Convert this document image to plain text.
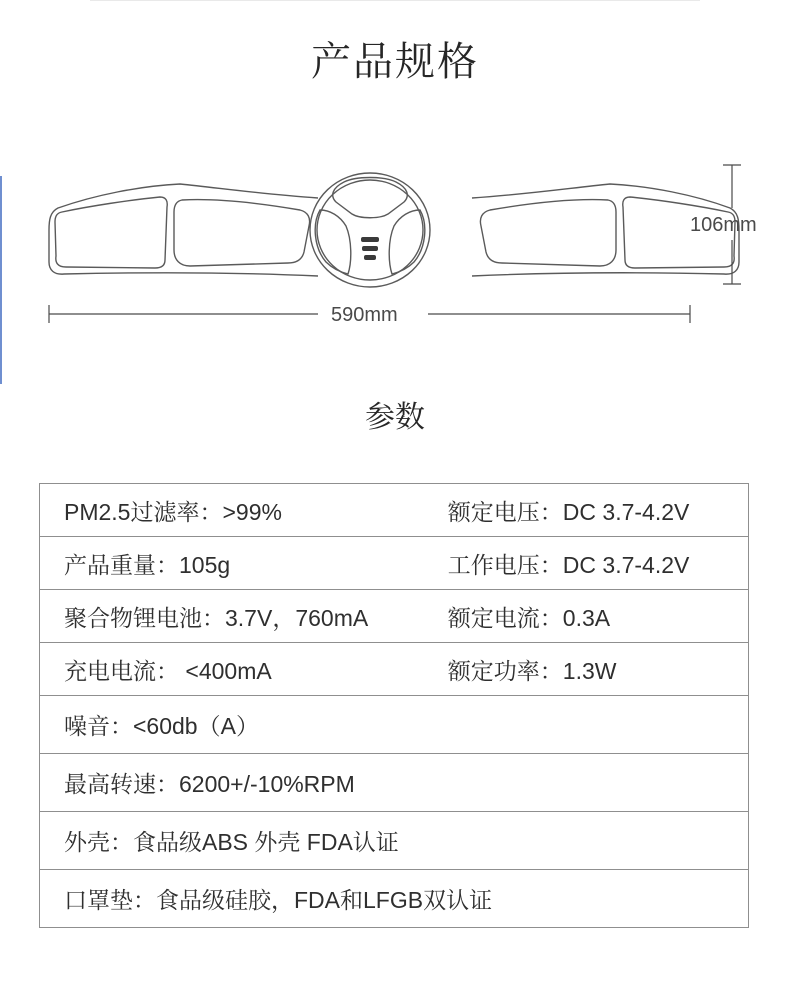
产品规格
106mm
590mm
参数
PM2.5过滤率：>99%	额定电压：DC 3.7-4.2V
产品重量：105g	工作电压：DC 3.7-4.2V
聚合物锂电池：3.7V，760mA	额定电流：0.3A
充电电流： <400mA	额定功率：1.3W
噪音：<60db（A）	
最高转速：6200+/-10%RPM	
外壳：食品级ABS 外壳 FDA认证	
口罩垫：食品级硅胶，FDA和LFGB双认证	
